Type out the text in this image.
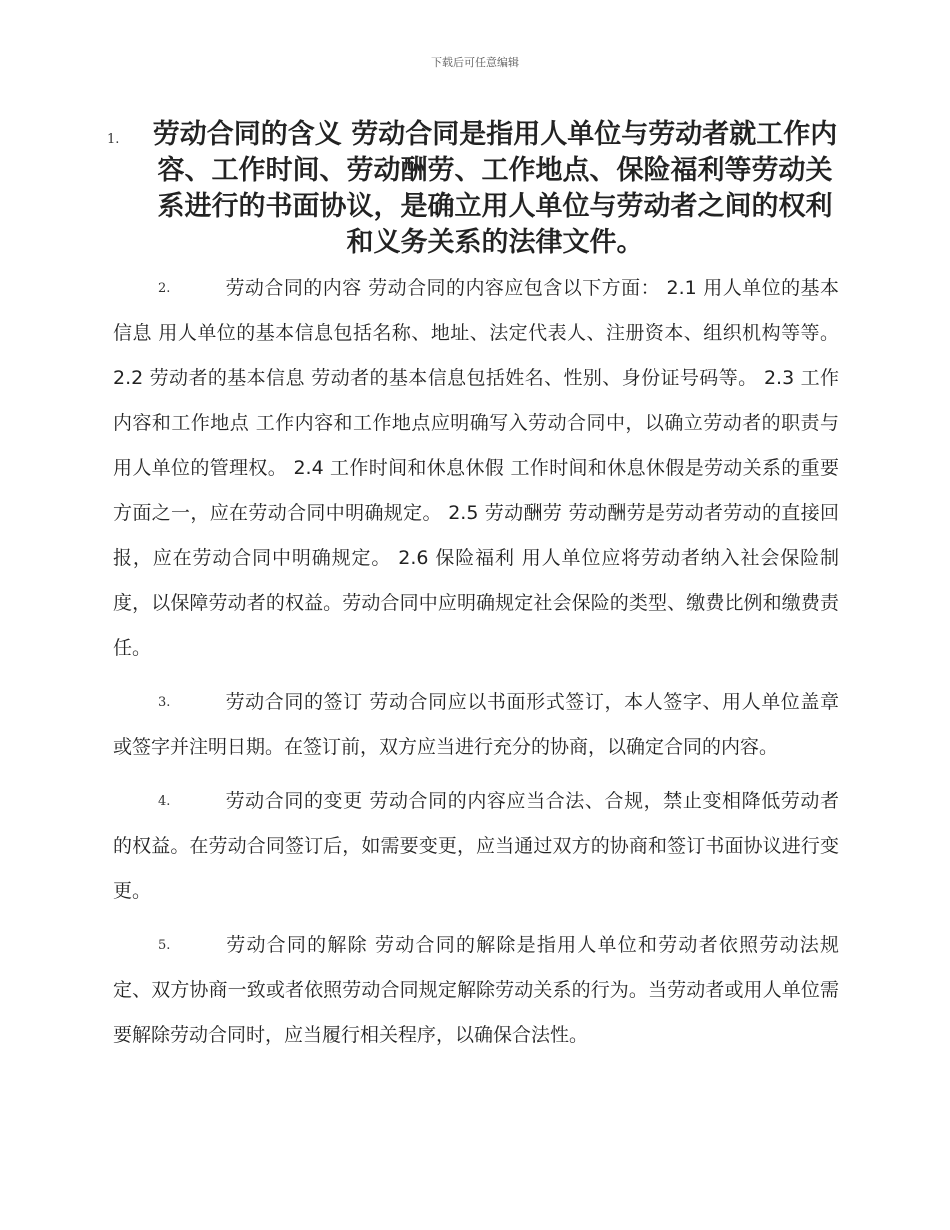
下载后可任意编辑
1. 劳动合同的含义 劳动合同是指用人单位与劳动者就工作内容、工作时间、劳动酬劳、工作地点、保险福利等劳动关系进行的书面协议，是确立用人单位与劳动者之间的权利和义务关系的法律文件。

2.	劳动合同的内容 劳动合同的内容应包含以下方面： 2.1 用人单位的基本信息 用人单位的基本信息包括名称、地址、法定代表人、注册资本、组织机构等等。 2.2 劳动者的基本信息 劳动者的基本信息包括姓名、性别、身份证号码等。 2.3 工作内容和工作地点 工作内容和工作地点应明确写入劳动合同中，以确立劳动者的职责与用人单位的管理权。 2.4 工作时间和休息休假 工作时间和休息休假是劳动关系的重要方面之一，应在劳动合同中明确规定。 2.5 劳动酬劳 劳动酬劳是劳动者劳动的直接回报，应在劳动合同中明确规定。 2.6 保险福利 用人单位应将劳动者纳入社会保险制度，以保障劳动者的权益。劳动合同中应明确规定社会保险的类型、缴费比例和缴费责任。

3.	劳动合同的签订 劳动合同应以书面形式签订，本人签字、用人单位盖章或签字并注明日期。在签订前，双方应当进行充分的协商，以确定合同的内容。

4.	劳动合同的变更 劳动合同的内容应当合法、合规，禁止变相降低劳动者的权益。在劳动合同签订后，如需要变更，应当通过双方的协商和签订书面协议进行变更。

5.	劳动合同的解除 劳动合同的解除是指用人单位和劳动者依照劳动法规定、双方协商一致或者依照劳动合同规定解除劳动关系的行为。当劳动者或用人单位需要解除劳动合同时，应当履行相关程序，以确保合法性。
